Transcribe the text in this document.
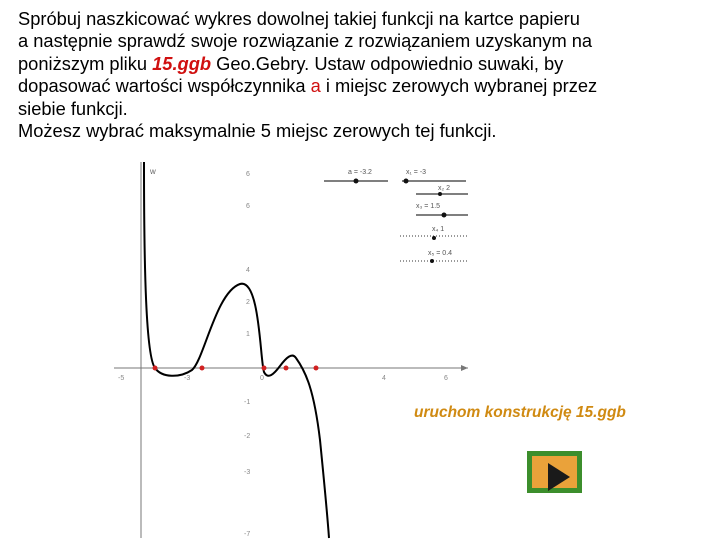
Spróbuj naszkicować wykres dowolnej takiej funkcji na kartce papieru
a następnie sprawdź swoje rozwiązanie z rozwiązaniem uzyskanym na
poniższym pliku 15.ggb Geo.Gebry. Ustaw odpowiednio suwaki, by
dopasować wartości współczynnika a i miejsc zerowych wybranej przez
siebie funkcji.
Możesz wybrać maksymalnie 5 miejsc zerowych tej funkcji.
w	6
6
4
2
1
-1
-2
-3
-7
-5	-3	0	4	6
a = -3.2	x₁ = -3
x₂ 2
x₃ = 1.5
x₄ 1
x₅ = 0.4
uruchom konstrukcję 15.ggb
